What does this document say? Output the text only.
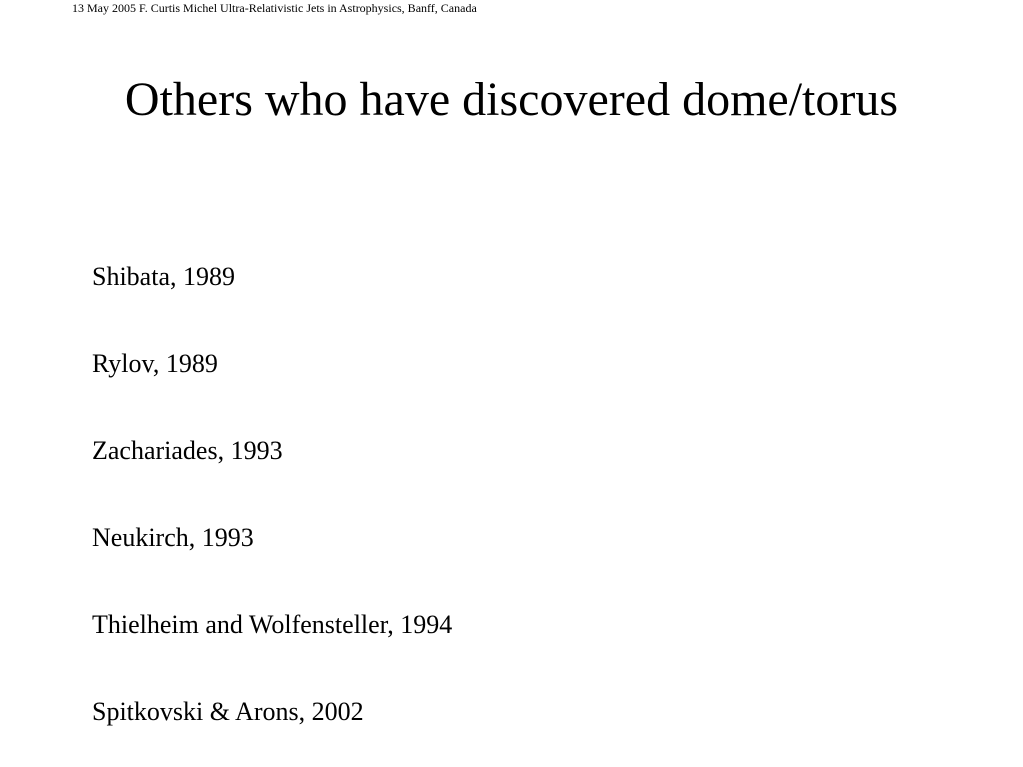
13 May 2005 F. Curtis Michel Ultra-Relativistic Jets in Astrophysics, Banff, Canada
Others who have discovered dome/torus
Shibata, 1989
Rylov, 1989
Zachariades, 1993
Neukirch, 1993
Thielheim and Wolfensteller, 1994
Spitkovski & Arons, 2002
